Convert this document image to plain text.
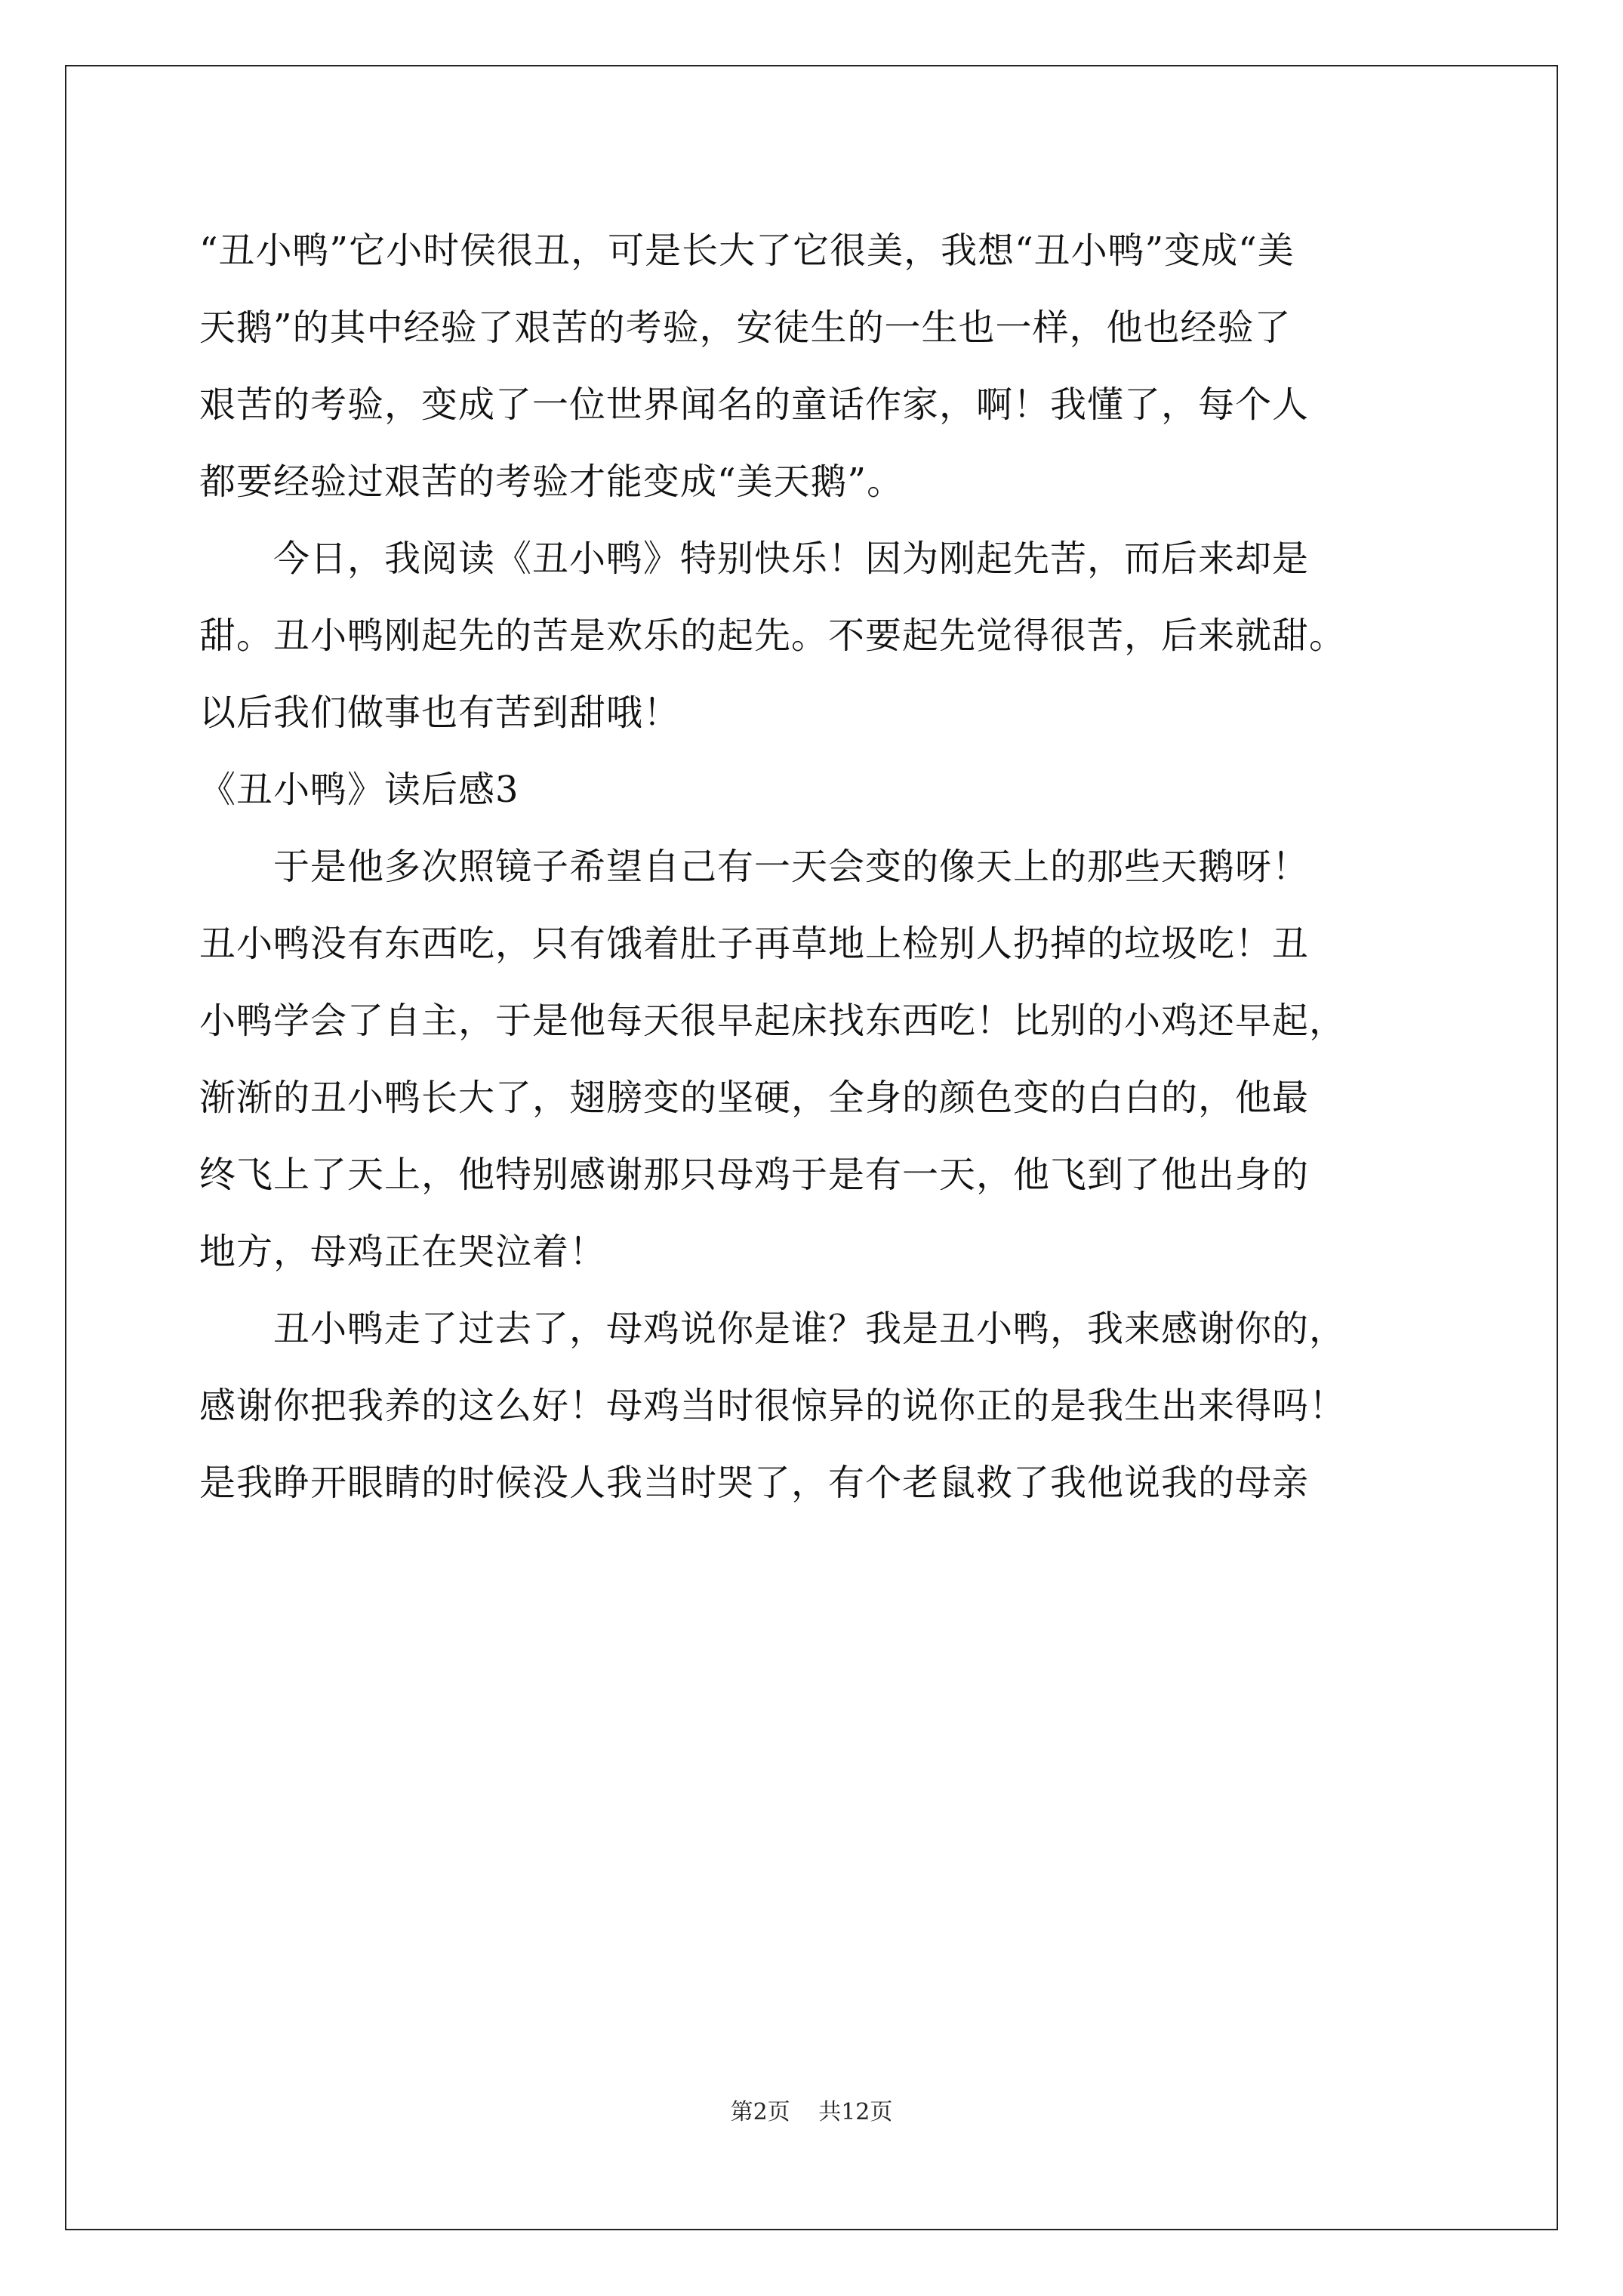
“丑小鸭”它小时侯很丑，可是长大了它很美，我想“丑小鸭”变成“美
天鹅”的其中经验了艰苦的考验，安徒生的一生也一样，他也经验了
艰苦的考验，变成了一位世界闻名的童话作家，啊！我懂了，每个人
都要经验过艰苦的考验才能变成“美天鹅”。
　　今日，我阅读《丑小鸭》特别快乐！因为刚起先苦，而后来却是
甜。丑小鸭刚起先的苦是欢乐的起先。不要起先觉得很苦，后来就甜。
以后我们做事也有苦到甜哦！
《丑小鸭》读后感3
　　于是他多次照镜子希望自己有一天会变的像天上的那些天鹅呀！
丑小鸭没有东西吃，只有饿着肚子再草地上检别人扔掉的垃圾吃！丑
小鸭学会了自主，于是他每天很早起床找东西吃！比别的小鸡还早起，
渐渐的丑小鸭长大了，翅膀变的坚硬，全身的颜色变的白白的，他最
终飞上了天上，他特别感谢那只母鸡于是有一天，他飞到了他出身的
地方，母鸡正在哭泣着！
　　丑小鸭走了过去了，母鸡说你是谁？我是丑小鸭，我来感谢你的，
感谢你把我养的这么好！母鸡当时很惊异的说你正的是我生出来得吗！
是我睁开眼睛的时候没人我当时哭了，有个老鼠救了我他说我的母亲
第2页 共12页
